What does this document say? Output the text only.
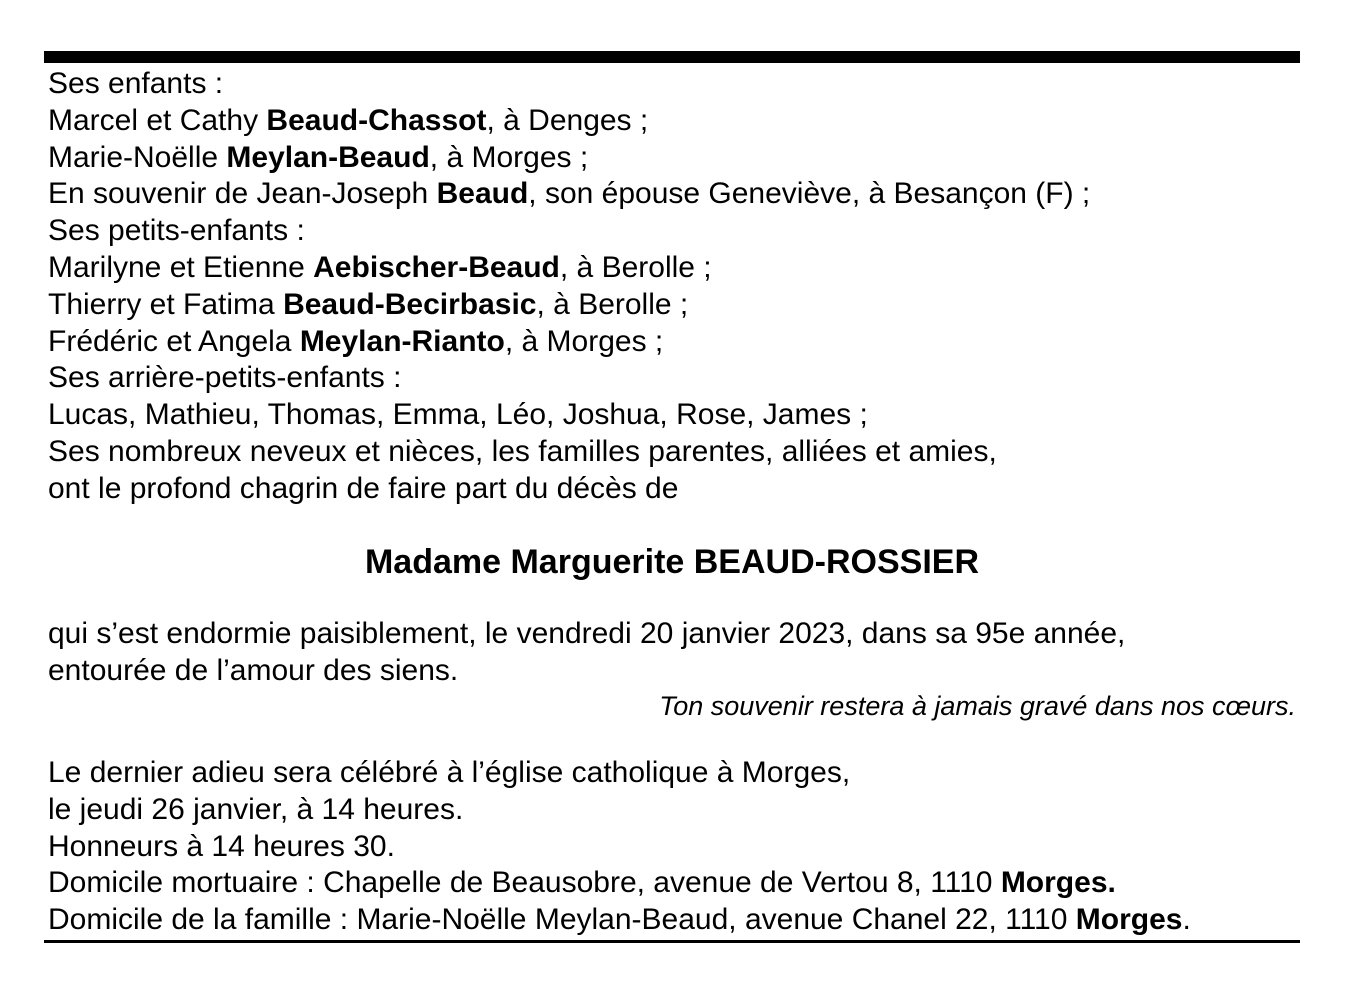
Ses enfants :
Marcel et Cathy Beaud-Chassot, à Denges ;
Marie-Noëlle Meylan-Beaud, à Morges ;
En souvenir de Jean-Joseph Beaud, son épouse Geneviève, à Besançon (F) ;
Ses petits-enfants :
Marilyne et Etienne Aebischer-Beaud, à Berolle ;
Thierry et Fatima Beaud-Becirbasic, à Berolle ;
Frédéric et Angela Meylan-Rianto, à Morges ;
Ses arrière-petits-enfants :
Lucas, Mathieu, Thomas, Emma, Léo, Joshua, Rose, James ;
Ses nombreux neveux et nièces, les familles parentes, alliées et amies,
ont le profond chagrin de faire part du décès de
Madame Marguerite BEAUD-ROSSIER
qui s’est endormie paisiblement, le vendredi 20 janvier 2023, dans sa 95e année,
entourée de l’amour des siens.
Ton souvenir restera à jamais gravé dans nos cœurs.
Le dernier adieu sera célébré à l’église catholique à Morges,
le jeudi 26 janvier, à 14 heures.
Honneurs à 14 heures 30.
Domicile mortuaire : Chapelle de Beausobre, avenue de Vertou 8, 1110 Morges.
Domicile de la famille : Marie-Noëlle Meylan-Beaud, avenue Chanel 22, 1110 Morges.
